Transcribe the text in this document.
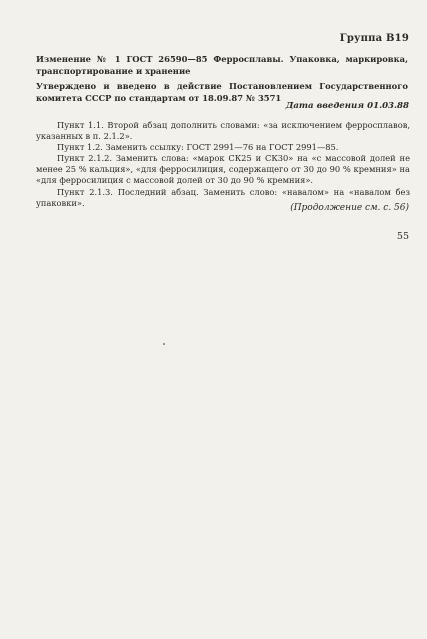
Группа В19
Изменение № 1 ГОСТ 26590—85 Ферросплавы. Упаковка, маркировка, транспортирование и хранение
Утверждено и введено в действие Постановлением Государственного комитета СССР по стандартам от 18.09.87 № 3571
Дата введения 01.03.88

Пункт 1.1. Второй абзац дополнить словами: «за исключением ферросплавов, указанных в п. 2.1.2».

Пункт 1.2. Заменить ссылку: ГОСТ 2991—76 на ГОСТ 2991—85.

Пункт 2.1.2. Заменить слова: «марок СК25 и СК30» на «с массовой долей не менее 25 % кальция», «для ферросилиция, содержащего от 30 до 90 % кремния» на «для ферросилиция с массовой долей от 30 до 90 % кремния».

Пункт 2.1.3. Последний абзац. Заменить слово: «навалом» на «навалом без упаковки».

(Продолжение см. с. 56)
55
